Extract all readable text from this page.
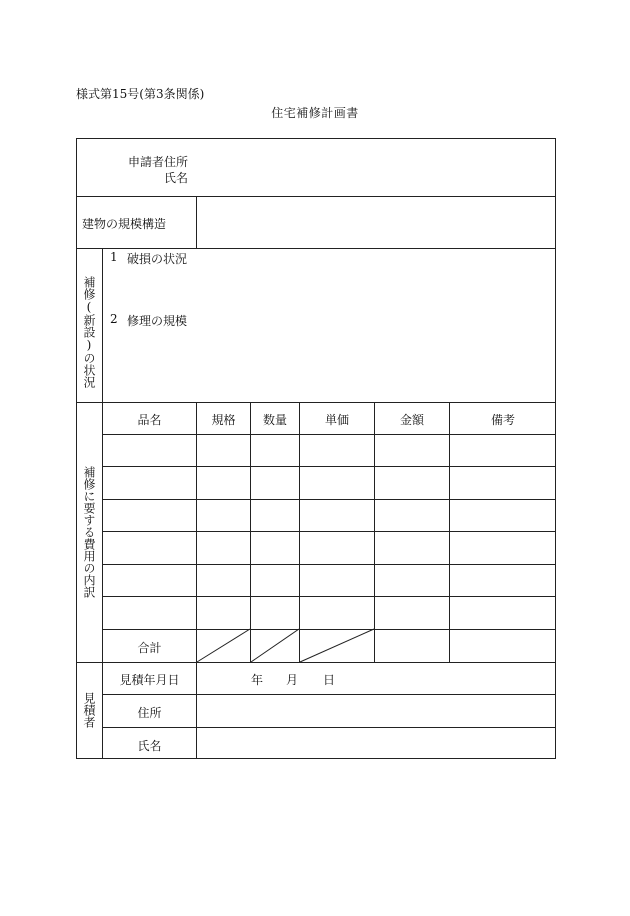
様式第15号(第3条関係)
住宅補修計画書
申請者住所
氏名
建物の規模構造
補修(新設)の状況
1 破損の状況
2 修理の規模
補修に要する費用の内訳
品名	規格	数量	単価	金額	備考
合計
見積者
見積年月日	年 月 日
住所
氏名
